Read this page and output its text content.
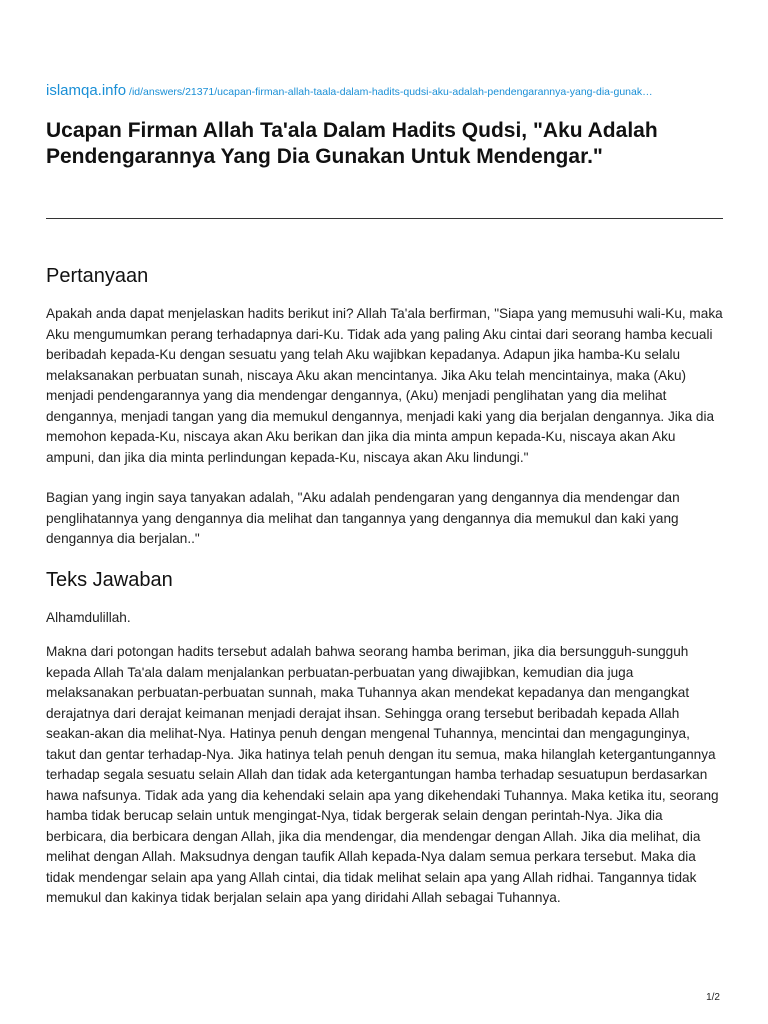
islamqa.info /id/answers/21371/ucapan-firman-allah-taala-dalam-hadits-qudsi-aku-adalah-pendengarannya-yang-dia-gunak…
Ucapan Firman Allah Ta'ala Dalam Hadits Qudsi, "Aku Adalah Pendengarannya Yang Dia Gunakan Untuk Mendengar."
Pertanyaan

Apakah anda dapat menjelaskan hadits berikut ini? Allah Ta'ala berfirman, "Siapa yang memusuhi wali-Ku, maka Aku mengumumkan perang terhadapnya dari-Ku. Tidak ada yang paling Aku cintai dari seorang hamba kecuali beribadah kepada-Ku dengan sesuatu yang telah Aku wajibkan kepadanya. Adapun jika hamba-Ku selalu melaksanakan perbuatan sunah, niscaya Aku akan mencintanya. Jika Aku telah mencintainya, maka (Aku) menjadi pendengarannya yang dia mendengar dengannya, (Aku) menjadi penglihatan yang dia melihat dengannya, menjadi tangan yang dia memukul dengannya, menjadi kaki yang dia berjalan dengannya. Jika dia memohon kepada-Ku, niscaya akan Aku berikan dan jika dia minta ampun kepada-Ku, niscaya akan Aku ampuni, dan jika dia minta perlindungan kepada-Ku, niscaya akan Aku lindungi."

Bagian yang ingin saya tanyakan adalah, "Aku adalah pendengaran yang dengannya dia mendengar dan penglihatannya yang dengannya dia melihat dan tangannya yang dengannya dia memukul dan kaki yang dengannya dia berjalan.."

Teks Jawaban

Alhamdulillah.

Makna dari potongan hadits tersebut adalah bahwa seorang hamba beriman, jika dia bersungguh-sungguh kepada Allah Ta'ala dalam menjalankan perbuatan-perbuatan yang diwajibkan, kemudian dia juga melaksanakan perbuatan-perbuatan sunnah, maka Tuhannya akan mendekat kepadanya dan mengangkat derajatnya dari derajat keimanan menjadi derajat ihsan. Sehingga orang tersebut beribadah kepada Allah seakan-akan dia melihat-Nya. Hatinya penuh dengan mengenal Tuhannya, mencintai dan mengagunginya, takut dan gentar terhadap-Nya. Jika hatinya telah penuh dengan itu semua, maka hilanglah ketergantungannya terhadap segala sesuatu selain Allah dan tidak ada ketergantungan hamba terhadap sesuatupun berdasarkan hawa nafsunya. Tidak ada yang dia kehendaki selain apa yang dikehendaki Tuhannya. Maka ketika itu, seorang hamba tidak berucap selain untuk mengingat-Nya, tidak bergerak selain dengan perintah-Nya. Jika dia berbicara, dia berbicara dengan Allah, jika dia mendengar, dia mendengar dengan Allah. Jika dia melihat, dia melihat dengan Allah. Maksudnya dengan taufik Allah kepada-Nya dalam semua perkara tersebut. Maka dia tidak mendengar selain apa yang Allah cintai, dia tidak melihat selain apa yang Allah ridhai. Tangannya tidak memukul dan kakinya tidak berjalan selain apa yang diridahi Allah sebagai Tuhannya.

1/2
